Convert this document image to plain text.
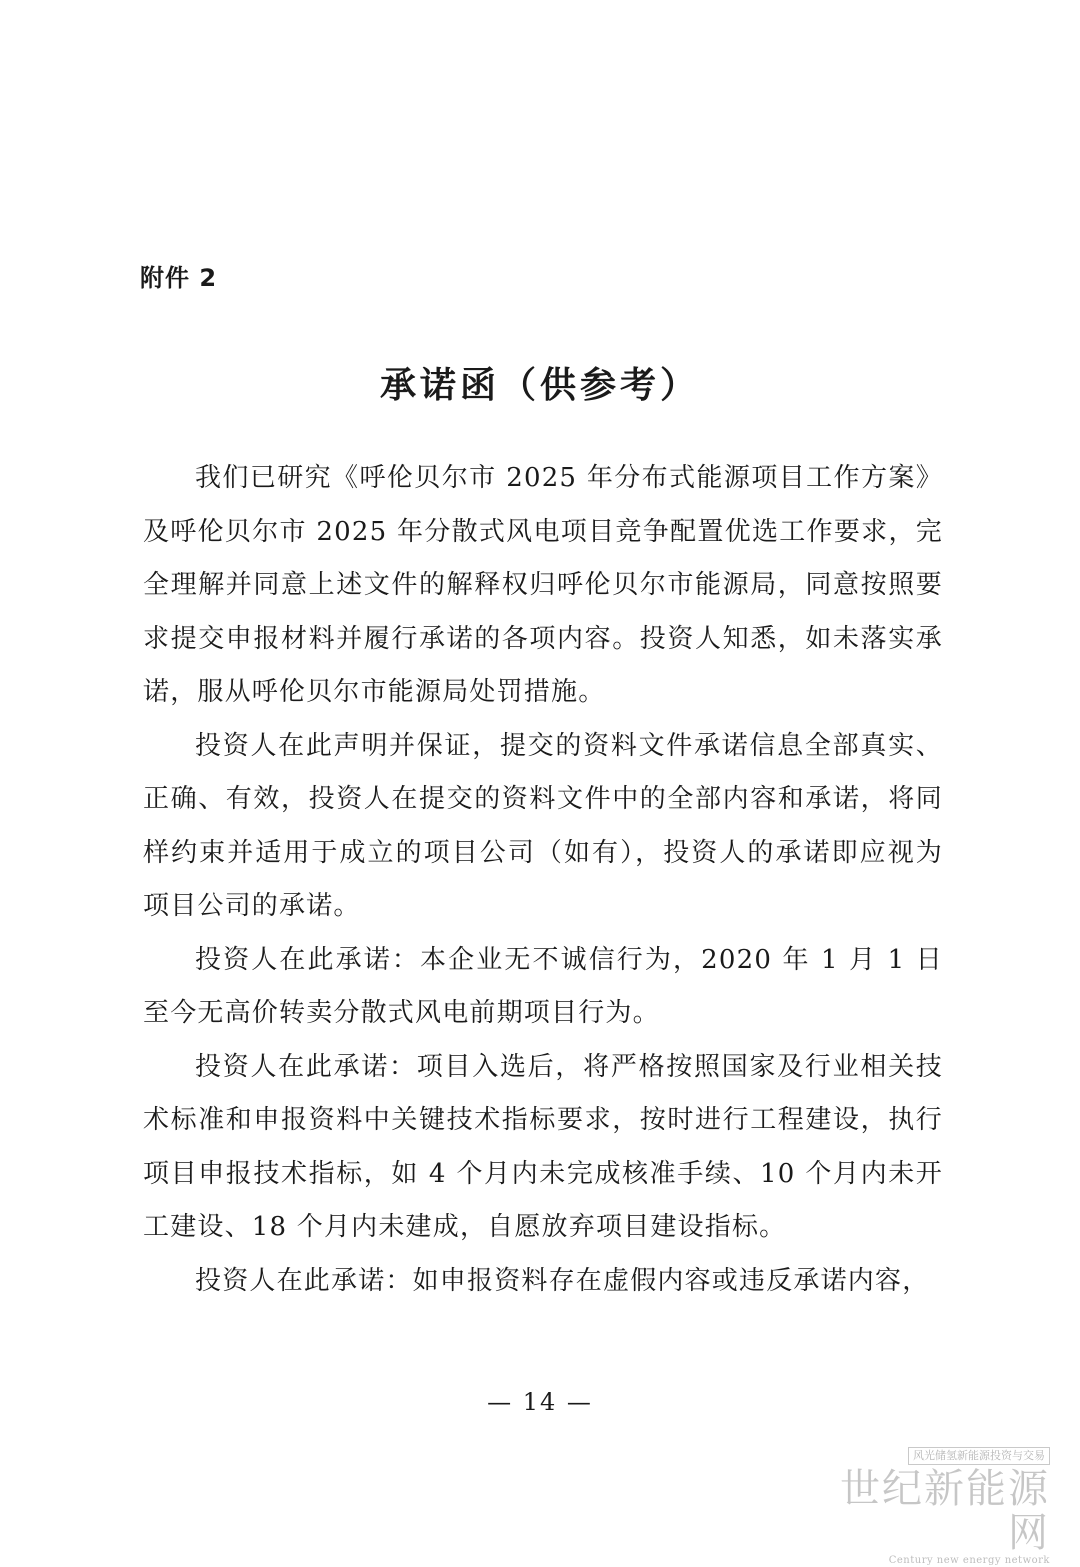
附件 2
承诺函（供参考）

我们已研究《呼伦贝尔市 2025 年分布式能源项目工作方案》及呼伦贝尔市 2025 年分散式风电项目竞争配置优选工作要求，完全理解并同意上述文件的解释权归呼伦贝尔市能源局，同意按照要求提交申报材料并履行承诺的各项内容。投资人知悉，如未落实承诺，服从呼伦贝尔市能源局处罚措施。

投资人在此声明并保证，提交的资料文件承诺信息全部真实、正确、有效，投资人在提交的资料文件中的全部内容和承诺，将同样约束并适用于成立的项目公司（如有），投资人的承诺即应视为项目公司的承诺。

投资人在此承诺：本企业无不诚信行为，2020 年 1 月 1 日至今无高价转卖分散式风电前期项目行为。

投资人在此承诺：项目入选后，将严格按照国家及行业相关技术标准和申报资料中关键技术指标要求，按时进行工程建设，执行项目申报技术指标，如 4 个月内未完成核准手续、10 个月内未开工建设、18 个月内未建成，自愿放弃项目建设指标。

投资人在此承诺：如申报资料存在虚假内容或违反承诺内容，

— 14 —
风光储氢新能源投资与交易
世纪新能源网
Century new energy network
